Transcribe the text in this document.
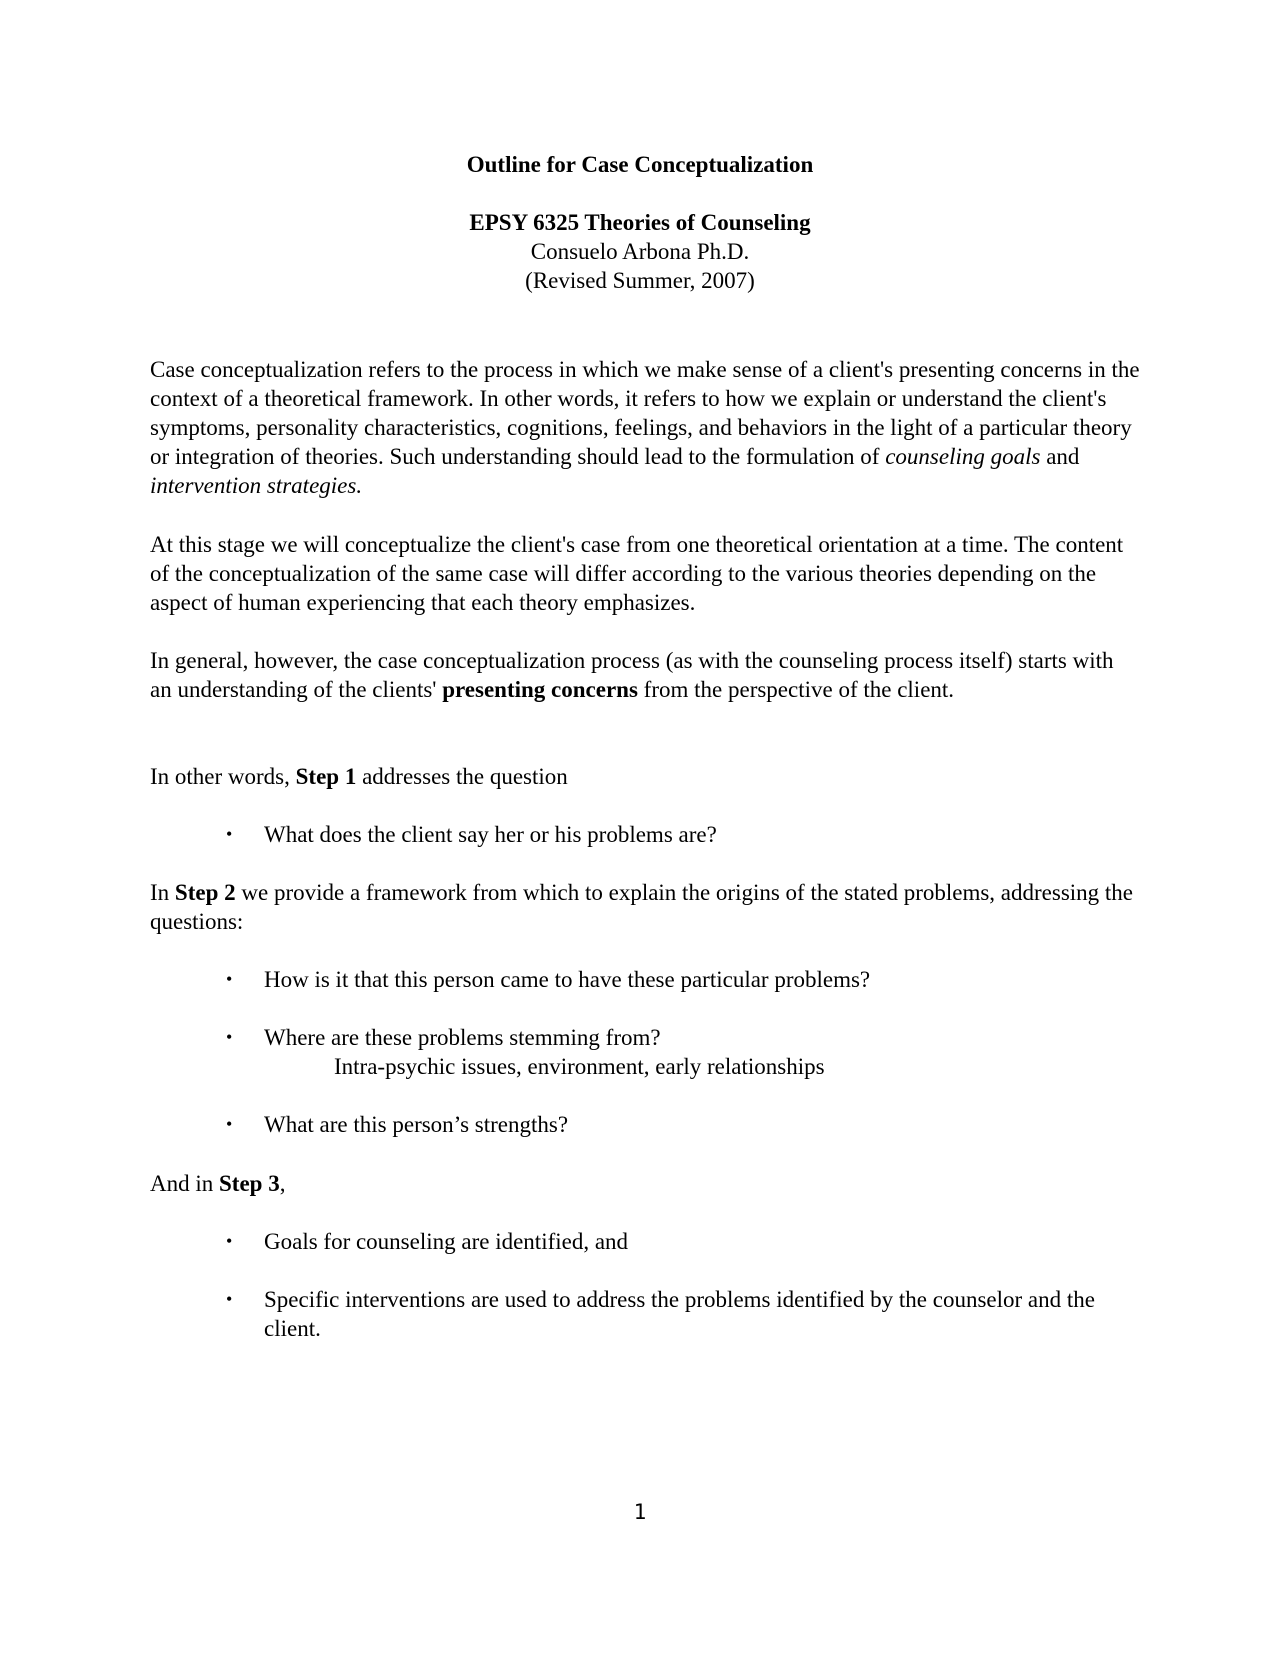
Outline for Case Conceptualization
EPSY 6325 Theories of Counseling
Consuelo Arbona Ph.D.
(Revised Summer, 2007)

Case conceptualization refers to the process in which we make sense of a client's presenting concerns in the context of a theoretical framework. In other words, it refers to how we explain or understand the client's symptoms, personality characteristics, cognitions, feelings, and behaviors in the light of a particular theory or integration of theories. Such understanding should lead to the formulation of counseling goals and intervention strategies.

At this stage we will conceptualize the client's case from one theoretical orientation at a time. The content of the conceptualization of the same case will differ according to the various theories depending on the aspect of human experiencing that each theory emphasizes.

In general, however, the case conceptualization process (as with the counseling process itself) starts with an understanding of the clients' presenting concerns from the perspective of the client.

In other words, Step 1 addresses the question

• What does the client say her or his problems are?

In Step 2 we provide a framework from which to explain the origins of the stated problems, addressing the questions:

• How is it that this person came to have these particular problems?
• Where are these problems stemming from?
Intra-psychic issues, environment, early relationships
• What are this person’s strengths?

And in Step 3,

• Goals for counseling are identified, and
• Specific interventions are used to address the problems identified by the counselor and the client.
1
